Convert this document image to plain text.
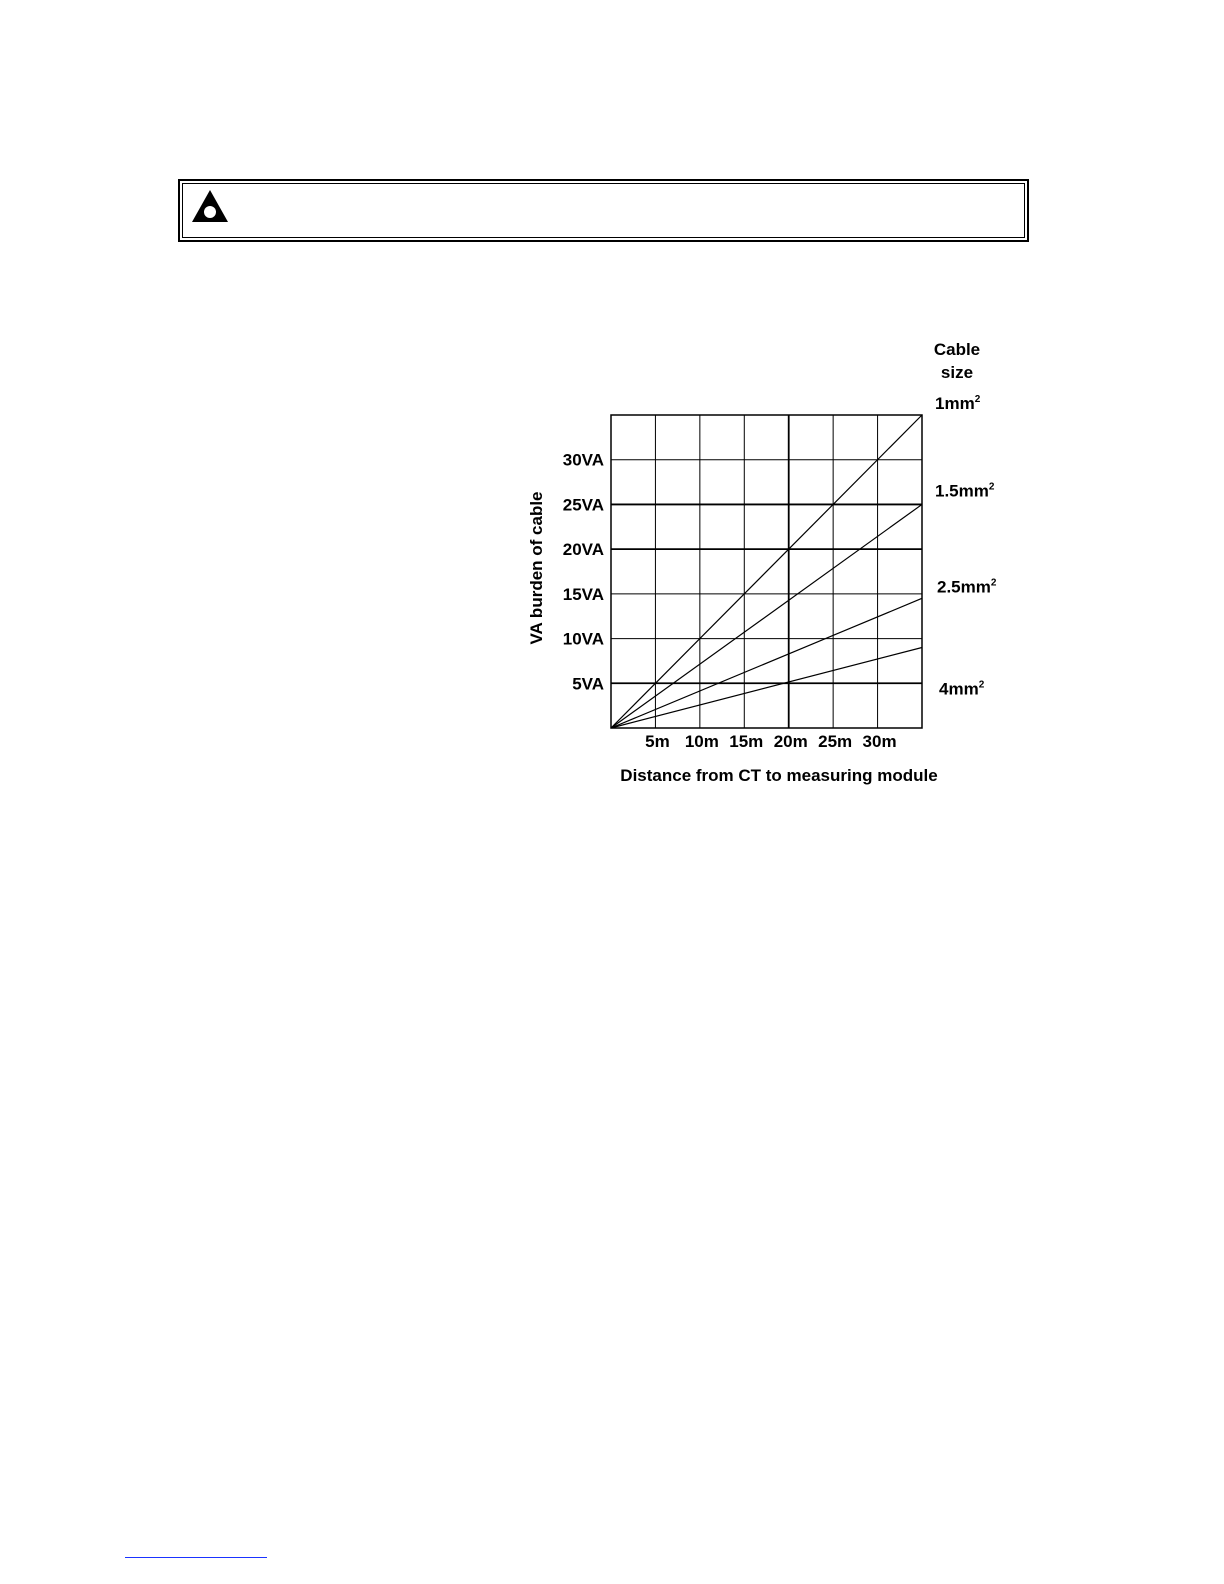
Cable
size
Distance from CT to measuring module
VA burden of cable
5VA
10VA
15VA
20VA
25VA
30VA
5m 10m 15m 20m 25m 30m
$1mm^2$
$1.5mm^2$
$2.5mm^2$
$4mm^2$
